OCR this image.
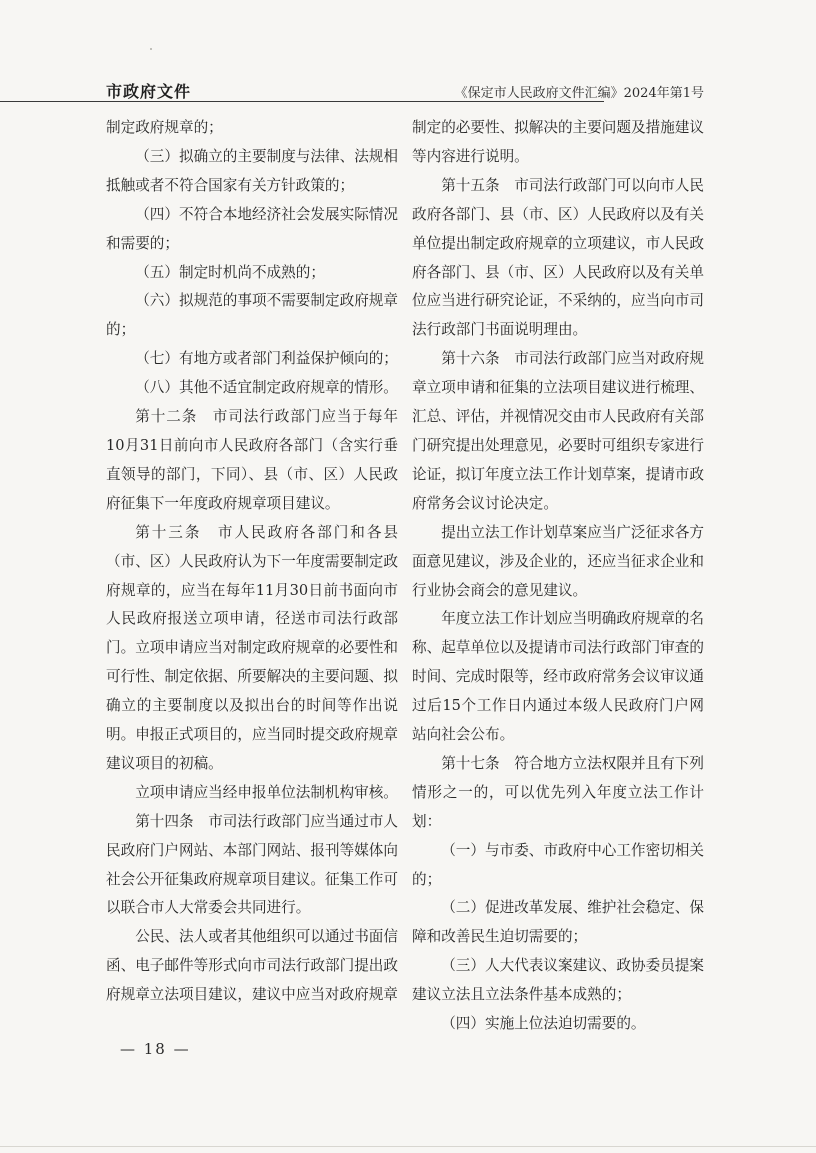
市政府文件	《保定市人民政府文件汇编》2024年第1号

制定政府规章的；

（三）拟确立的主要制度与法律、法规相抵触或者不符合国家有关方针政策的；

（四）不符合本地经济社会发展实际情况和需要的；

（五）制定时机尚不成熟的；

（六）拟规范的事项不需要制定政府规章的；

（七）有地方或者部门利益保护倾向的；

（八）其他不适宜制定政府规章的情形。

第十二条　市司法行政部门应当于每年10月31日前向市人民政府各部门（含实行垂直领导的部门，下同）、县（市、区）人民政府征集下一年度政府规章项目建议。

第十三条　市人民政府各部门和各县（市、区）人民政府认为下一年度需要制定政府规章的，应当在每年11月30日前书面向市人民政府报送立项申请，径送市司法行政部门。立项申请应当对制定政府规章的必要性和可行性、制定依据、所要解决的主要问题、拟确立的主要制度以及拟出台的时间等作出说明。申报正式项目的，应当同时提交政府规章建议项目的初稿。

立项申请应当经申报单位法制机构审核。

第十四条　市司法行政部门应当通过市人民政府门户网站、本部门网站、报刊等媒体向社会公开征集政府规章项目建议。征集工作可以联合市人大常委会共同进行。

公民、法人或者其他组织可以通过书面信函、电子邮件等形式向市司法行政部门提出政府规章立法项目建议，建议中应当对政府规章

制定的必要性、拟解决的主要问题及措施建议等内容进行说明。

第十五条　市司法行政部门可以向市人民政府各部门、县（市、区）人民政府以及有关单位提出制定政府规章的立项建议，市人民政府各部门、县（市、区）人民政府以及有关单位应当进行研究论证，不采纳的，应当向市司法行政部门书面说明理由。

第十六条　市司法行政部门应当对政府规章立项申请和征集的立法项目建议进行梳理、汇总、评估，并视情况交由市人民政府有关部门研究提出处理意见，必要时可组织专家进行论证，拟订年度立法工作计划草案，提请市政府常务会议讨论决定。

提出立法工作计划草案应当广泛征求各方面意见建议，涉及企业的，还应当征求企业和行业协会商会的意见建议。

年度立法工作计划应当明确政府规章的名称、起草单位以及提请市司法行政部门审查的时间、完成时限等，经市政府常务会议审议通过后15个工作日内通过本级人民政府门户网站向社会公布。

第十七条　符合地方立法权限并且有下列情形之一的，可以优先列入年度立法工作计划：

（一）与市委、市政府中心工作密切相关的；

（二）促进改革发展、维护社会稳定、保障和改善民生迫切需要的；

（三）人大代表议案建议、政协委员提案建议立法且立法条件基本成熟的；

（四）实施上位法迫切需要的。

— 18 —
